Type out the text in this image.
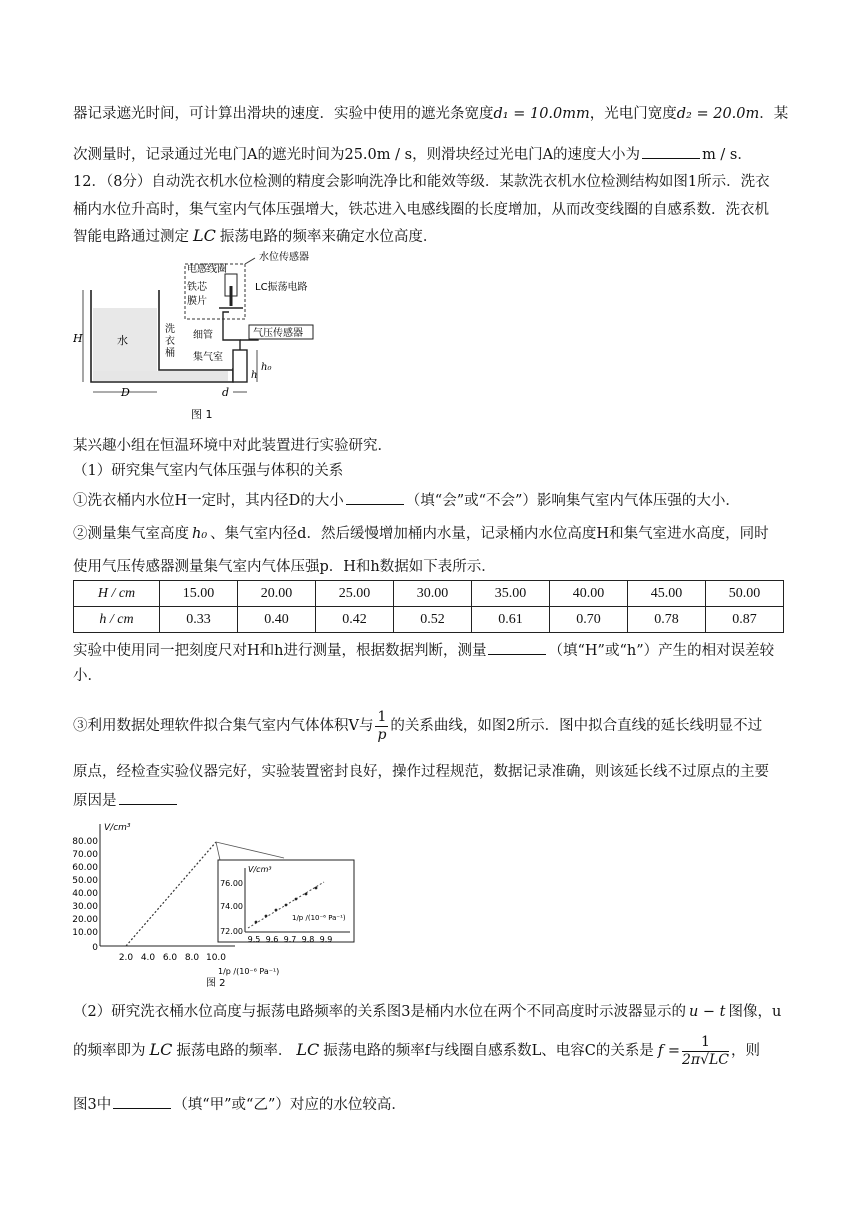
器记录遮光时间，可计算出滑块的速度．实验中使用的遮光条宽度d₁ = 10.0mm，光电门宽度d₂ = 20.0m．某
次测量时，记录通过光电门A的遮光时间为25.0m / s，则滑块经过光电门A的速度大小为	m / s．
12．（8分）自动洗衣机水位检测的精度会影响洗净比和能效等级．某款洗衣机水位检测结构如图1所示．洗衣
桶内水位升高时，集气室内气体压强增大，铁芯进入电感线圈的长度增加，从而改变线圈的自感系数．洗衣机
智能电路通过测定 LC 振荡电路的频率来确定水位高度．
水位传感器
电感线圈
铁芯
膜片
LC振荡电路
细管	气压传感器
集气室
洗
衣
桶
水
H
D	d
h
h₀
图 1
某兴趣小组在恒温环境中对此装置进行实验研究．
（1）研究集气室内气体压强与体积的关系
①洗衣桶内水位H一定时，其内径D的大小	（填“会”或“不会”）影响集气室内气体压强的大小．
②测量集气室高度 h₀ 、集气室内径d．然后缓慢增加桶内水量，记录桶内水位高度H和集气室进水高度，同时
使用气压传感器测量集气室内气体压强p．H和h数据如下表所示．
H / cm	15.00	20.00	25.00	30.00	35.00	40.00	45.00	50.00
h / cm	0.33	0.40	0.42	0.52	0.61	0.70	0.78	0.87
实验中使用同一把刻度尺对H和h进行测量，根据数据判断，测量	（填“H”或“h”）产生的相对误差较
小．
③利用数据处理软件拟合集气室内气体体积V与 $\frac{1}{p}$ 的关系曲线，如图2所示．图中拟合直线的延长线明显不过
原点，经检查实验仪器完好，实验装置密封良好，操作过程规范，数据记录准确，则该延长线不过原点的主要
原因是
V/cm³
80.00
70.00
60.00
50.00
40.00
30.00
20.00
10.00
0
2.0 4.0 6.0 8.0 10.0
1/p /(10⁻⁶ Pa⁻¹)
V/cm³
76.00
74.00
72.00
9.5 9.6 9.7 9.8 9.9
1/p /(10⁻⁶ Pa⁻¹)
图 2
（2）研究洗衣桶水位高度与振荡电路频率的关系图3是桶内水位在两个不同高度时示波器显示的 u − t 图像，u
的频率即为 LC 振荡电路的频率． LC 振荡电路的频率f与线圈自感系数L、电容C的关系是 $f = \frac{1}{2\pi√LC}$ ，则
图3中	（填“甲”或“乙”）对应的水位较高．
